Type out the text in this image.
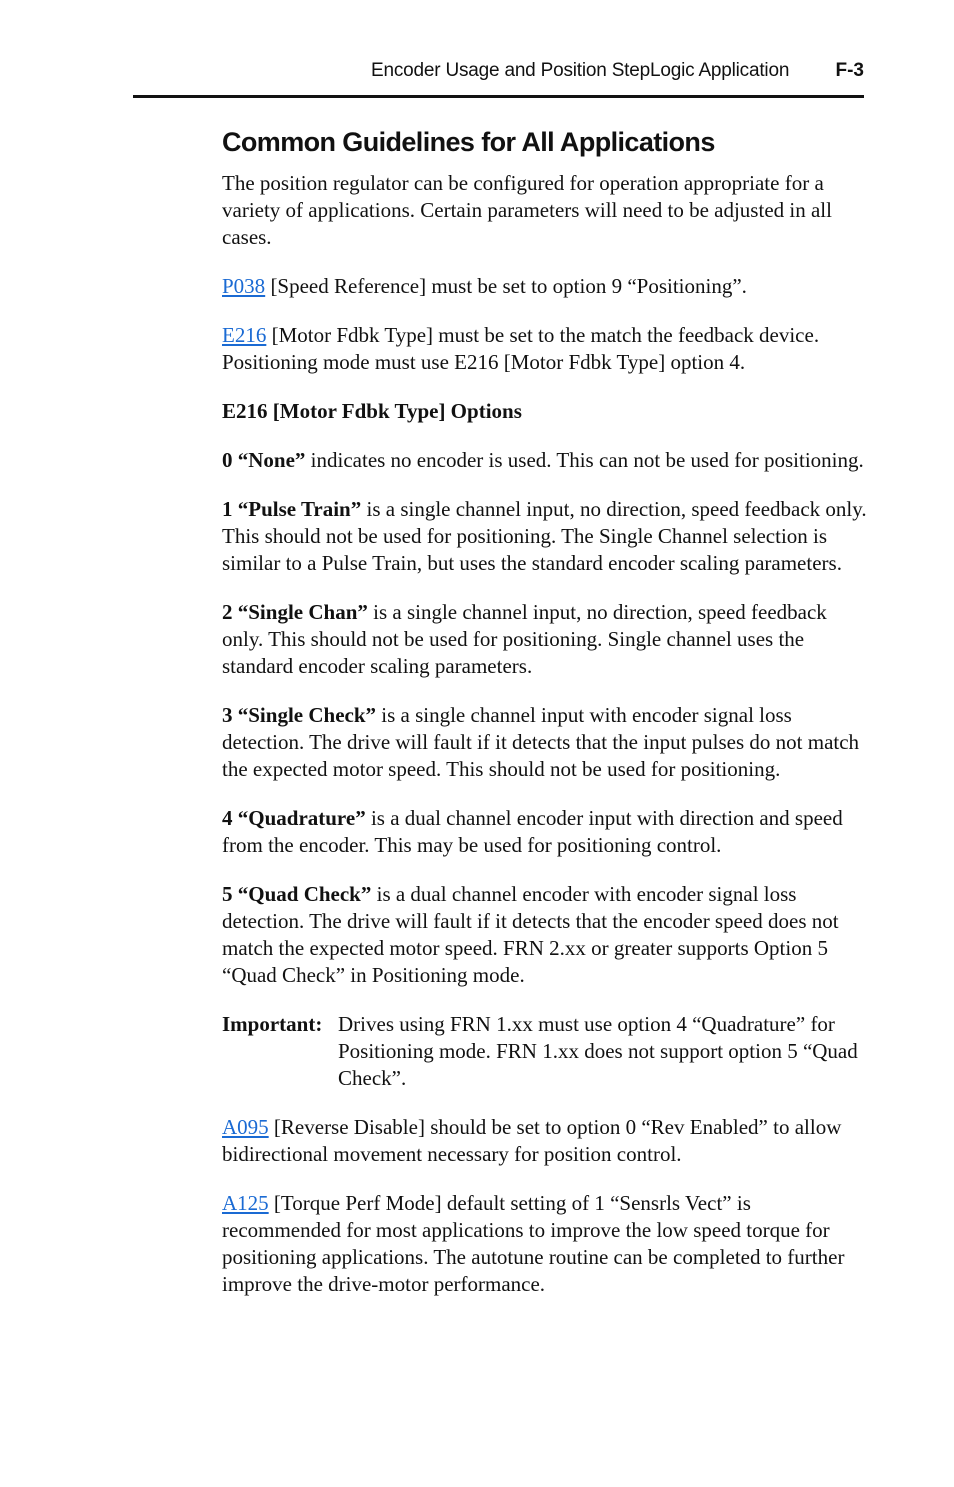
Encoder Usage and Position StepLogic Application F-3
Common Guidelines for All Applications

The position regulator can be configured for operation appropriate for a variety of applications. Certain parameters will need to be adjusted in all cases.

P038 [Speed Reference] must be set to option 9 “Positioning”.

E216 [Motor Fdbk Type] must be set to the match the feedback device. Positioning mode must use E216 [Motor Fdbk Type] option 4.

E216 [Motor Fdbk Type] Options

0 “None” indicates no encoder is used. This can not be used for positioning.

1 “Pulse Train” is a single channel input, no direction, speed feedback only. This should not be used for positioning. The Single Channel selection is similar to a Pulse Train, but uses the standard encoder scaling parameters.

2 “Single Chan” is a single channel input, no direction, speed feedback only. This should not be used for positioning. Single channel uses the standard encoder scaling parameters.

3 “Single Check” is a single channel input with encoder signal loss detection. The drive will fault if it detects that the input pulses do not match the expected motor speed. This should not be used for positioning.

4 “Quadrature” is a dual channel encoder input with direction and speed from the encoder. This may be used for positioning control.

5 “Quad Check” is a dual channel encoder with encoder signal loss detection. The drive will fault if it detects that the encoder speed does not match the expected motor speed. FRN 2.xx or greater supports Option 5 “Quad Check” in Positioning mode.

Important: Drives using FRN 1.xx must use option 4 “Quadrature” for Positioning mode. FRN 1.xx does not support option 5 “Quad Check”.

A095 [Reverse Disable] should be set to option 0 “Rev Enabled” to allow bidirectional movement necessary for position control.

A125 [Torque Perf Mode] default setting of 1 “Sensrls Vect” is recommended for most applications to improve the low speed torque for positioning applications. The autotune routine can be completed to further improve the drive-motor performance.
